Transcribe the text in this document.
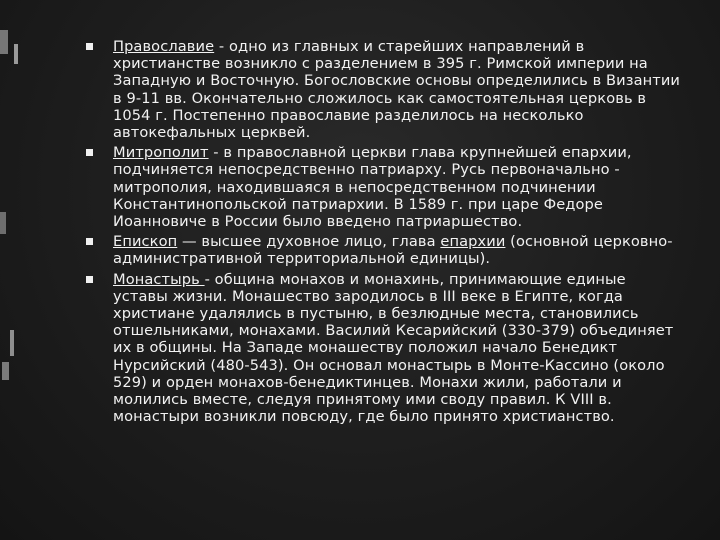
Православие - одно из главных и старейших направлений в христианстве возникло с разделением в 395 г. Римской империи на Западную и Восточную. Богословские основы определились в Византии в 9-11 вв. Окончательно сложилось как самостоятельная церковь в 1054 г. Постепенно православие разделилось на несколько автокефальных церквей.
Митрополит - в православной церкви глава крупнейшей епархии, подчиняется непосредственно патриарху. Русь первоначально - митрополия, находившаяся в непосредственном подчинении Константинопольской патриархии. В 1589 г. при царе Федоре Иоанновиче в России было введено патриаршество.
Епископ — высшее духовное лицо, глава епархии (основной церковно-административной территориальной единицы).
Монастырь - община монахов и монахинь, принимающие единые уставы жизни. Монашество зародилось в III веке в Египте, когда христиане удалялись в пустыню, в безлюдные места, становились отшельниками, монахами. Василий Кесарийский (330-379) объединяет их в общины. На Западе монашеству положил начало Бенедикт Нурсийский (480-543). Он основал монастырь в Монте-Кассино (около 529) и орден монахов-бенедиктинцев. Монахи жили, работали и молились вместе, следуя принятому ими своду правил. К VIII в. монастыри возникли повсюду, где было принято христианство.
